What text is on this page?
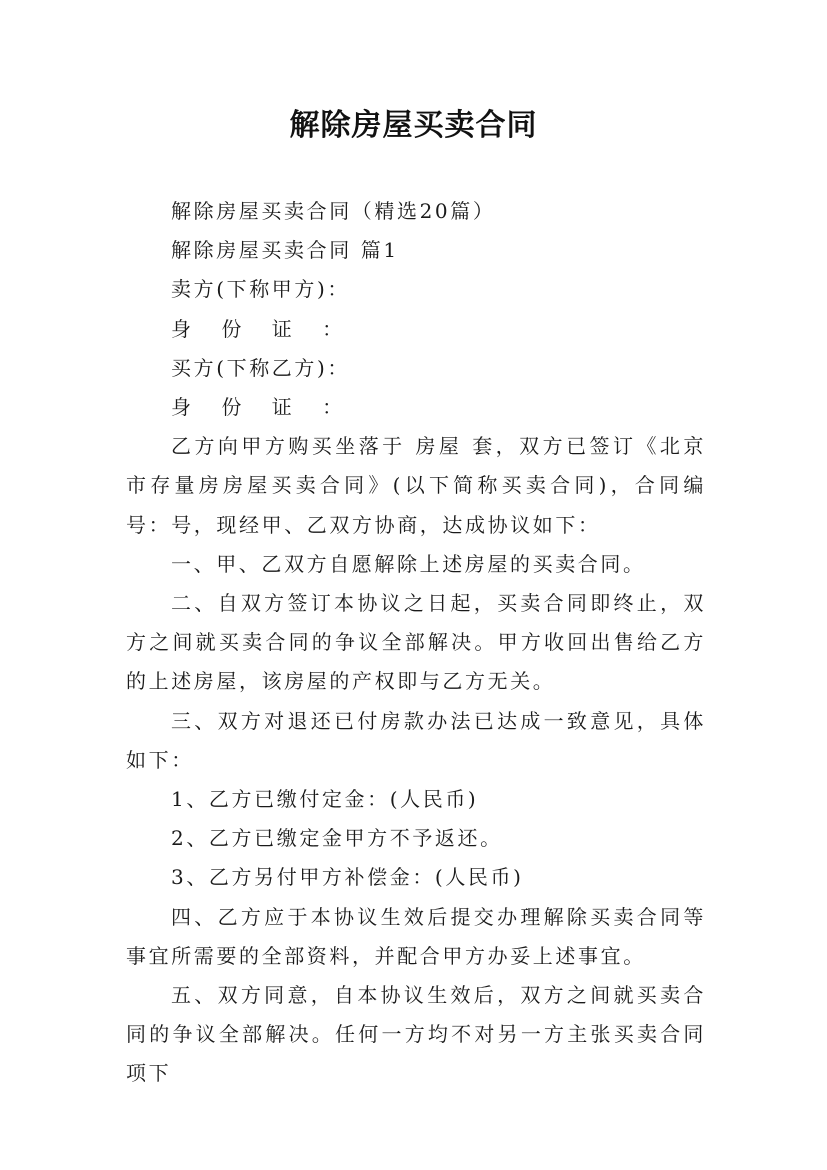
解除房屋买卖合同

解除房屋买卖合同（精选20篇）

解除房屋买卖合同 篇1

卖方(下称甲方)：

身 份 证 ：

买方(下称乙方)：

身 份 证 ：

乙方向甲方购买坐落于 房屋 套，双方已签订《北京市存量房房屋买卖合同》(以下简称买卖合同)，合同编号：号，现经甲、乙双方协商，达成协议如下：

一、甲、乙双方自愿解除上述房屋的买卖合同。

二、自双方签订本协议之日起，买卖合同即终止，双方之间就买卖合同的争议全部解决。甲方收回出售给乙方的上述房屋，该房屋的产权即与乙方无关。

三、双方对退还已付房款办法已达成一致意见，具体如下：

1、乙方已缴付定金：(人民币)

2、乙方已缴定金甲方不予返还。

3、乙方另付甲方补偿金：(人民币)

四、乙方应于本协议生效后提交办理解除买卖合同等事宜所需要的全部资料，并配合甲方办妥上述事宜。

五、双方同意，自本协议生效后，双方之间就买卖合同的争议全部解决。任何一方均不对另一方主张买卖合同项下
